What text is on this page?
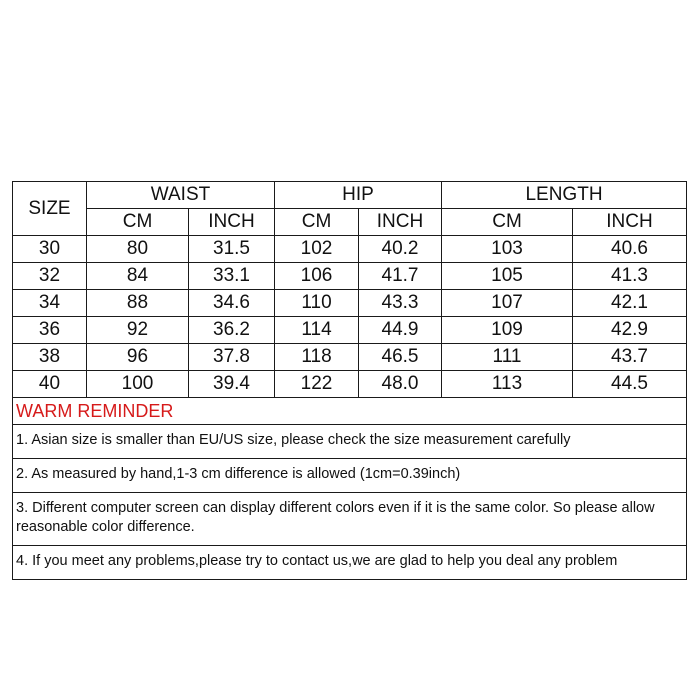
SIZE	WAIST		HIP		LENGTH	
	CM	INCH	CM	INCH	CM	INCH
30	80	31.5	102	40.2	103	40.6
32	84	33.1	106	41.7	105	41.3
34	88	34.6	110	43.3	107	42.1
36	92	36.2	114	44.9	109	42.9
38	96	37.8	118	46.5	111	43.7
40	100	39.4	122	48.0	113	44.5
WARM REMINDER						
1. Asian size is smaller than EU/US size, please check the size measurement carefully						
2. As measured by hand,1-3 cm difference is allowed (1cm=0.39inch)						
3. Different computer screen can display different colors even if it is the same color. So please allow reasonable color difference.						
4. If you meet any problems,please try to contact us,we are glad to help you deal any problem						
